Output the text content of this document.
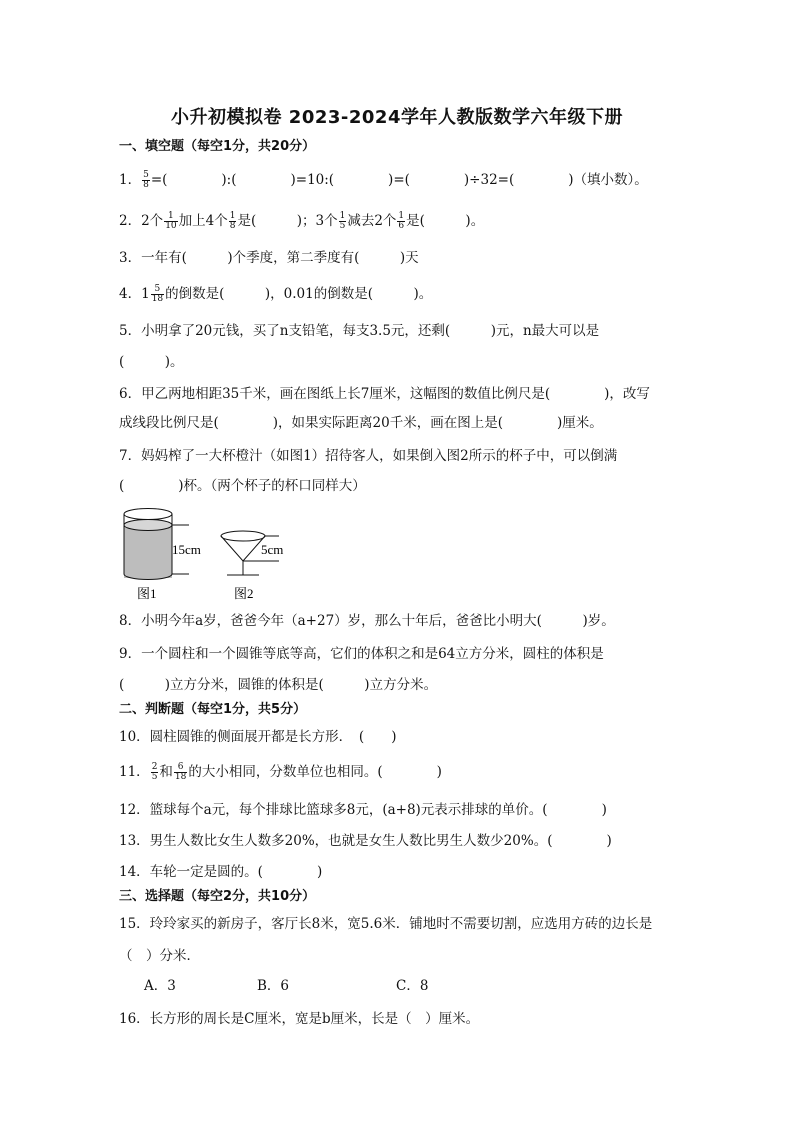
小升初模拟卷 2023-2024学年人教版数学六年级下册
一、填空题（每空1分，共20分）
1． $\frac{5}{8}$ =(　　　　):(　　　　)=10:(　　　　)=(　　　　)÷32=(　　　　)（填小数）。
2．2个 $\frac{1}{10}$ 加上4个 $\frac{1}{8}$ 是(　　　)；3个 $\frac{1}{5}$ 减去2个 $\frac{1}{6}$ 是(　　　)。
3．一年有(　　　)个季度，第二季度有(　　　)天
4．$1 \frac{5}{18}$ 的倒数是(　　　)，0.01的倒数是(　　　)。
5．小明拿了20元钱，买了n支铅笔，每支3.5元，还剩(　　　)元，n最大可以是
(　　　)。
6．甲乙两地相距35千米，画在图纸上长7厘米，这幅图的数值比例尺是(　　　　)，改写
成线段比例尺是(　　　　)，如果实际距离20千米，画在图上是(　　　　)厘米。
7．妈妈榨了一大杯橙汁（如图1）招待客人，如果倒入图2所示的杯子中，可以倒满
(　　　　)杯。（两个杯子的杯口同样大）
15cm	5cm
图1	图2
8．小明今年a岁，爸爸今年（a+27）岁，那么十年后，爸爸比小明大(　　　)岁。
9．一个圆柱和一个圆锥等底等高，它们的体积之和是64立方分米，圆柱的体积是
(　　　)立方分米，圆锥的体积是(　　　)立方分米。
二、判断题（每空1分，共5分）
10．圆柱圆锥的侧面展开都是长方形．　(　　)
11． $\frac{2}{5}$ 和 $\frac{6}{18}$ 的大小相同，分数单位也相同。(　　　　)
12．篮球每个a元，每个排球比篮球多8元，(a+8)元表示排球的单价。(　　　　)
13．男生人数比女生人数多20%，也就是女生人数比男生人数少20%。(　　　　)
14．车轮一定是圆的。(　　　　)
三、选择题（每空2分，共10分）
15．玲玲家买的新房子，客厅长8米，宽5.6米．铺地时不需要切割，应选用方砖的边长是
（　）分米．
A．3	B．6	C．8
16．长方形的周长是C厘米，宽是b厘米，长是（　）厘米。
